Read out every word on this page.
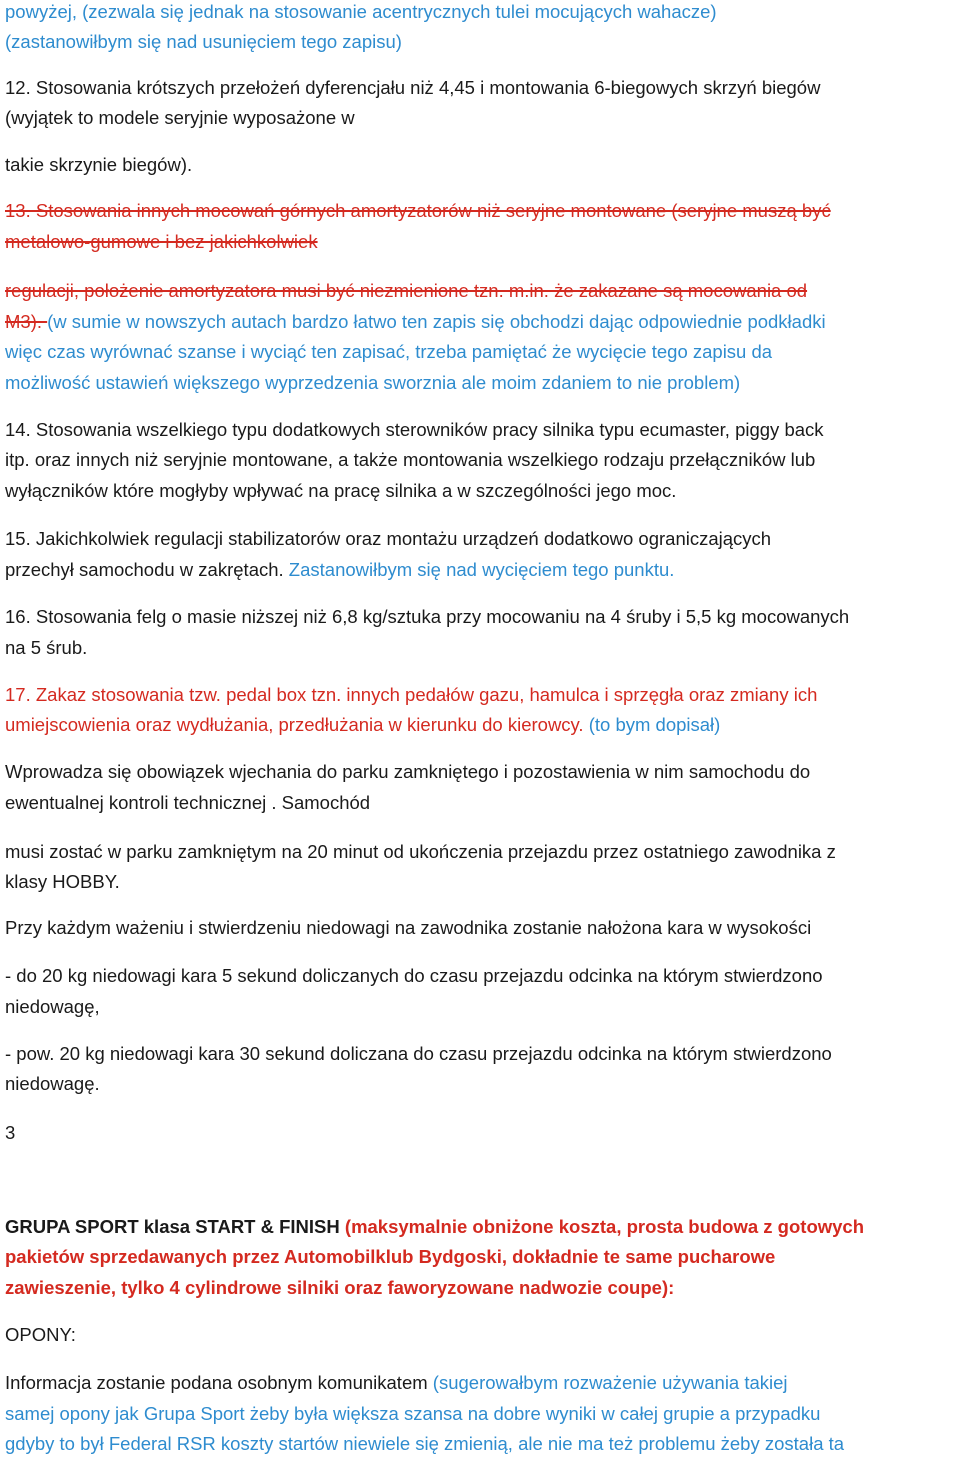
powyżej, (zezwala się jednak na stosowanie acentrycznych tulei mocujących wahacze)
(zastanowiłbym się nad usunięciem tego zapisu)
12. Stosowania krótszych przełożeń dyferencjału niż 4,45 i montowania 6-biegowych skrzyń biegów
(wyjątek to modele seryjnie wyposażone w
takie skrzynie biegów).
13. Stosowania innych mocowań górnych amortyzatorów niż seryjne montowane (seryjne muszą być
metalowo-gumowe i bez jakichkolwiek
regulacji, położenie amortyzatora musi być niezmienione tzn. m.in. że zakazane są mocowania od
M3). (w sumie w nowszych autach bardzo łatwo ten zapis się obchodzi dając odpowiednie podkładki
więc czas wyrównać szanse i wyciąć ten zapisać, trzeba pamiętać że wycięcie tego zapisu da
możliwość ustawień większego wyprzedzenia sworznia ale moim zdaniem to nie problem)
14. Stosowania wszelkiego typu dodatkowych sterowników pracy silnika typu ecumaster, piggy back
itp. oraz innych niż seryjnie montowane, a także montowania wszelkiego rodzaju przełączników lub
wyłączników które mogłyby wpływać na pracę silnika a w szczególności jego moc.
15. Jakichkolwiek regulacji stabilizatorów oraz montażu urządzeń dodatkowo ograniczających
przechył samochodu w zakrętach. Zastanowiłbym się nad wycięciem tego punktu.
16. Stosowania felg o masie niższej niż 6,8 kg/sztuka przy mocowaniu na 4 śruby i 5,5 kg mocowanych
na 5 śrub.
17. Zakaz stosowania tzw. pedal box tzn. innych pedałów gazu, hamulca i sprzęgła oraz zmiany ich
umiejscowienia oraz wydłużania, przedłużania w kierunku do kierowcy. (to bym dopisał)
Wprowadza się obowiązek wjechania do parku zamkniętego i pozostawienia w nim samochodu do
ewentualnej kontroli technicznej . Samochód
musi zostać w parku zamkniętym na 20 minut od ukończenia przejazdu przez ostatniego zawodnika z
klasy HOBBY.
Przy każdym ważeniu i stwierdzeniu niedowagi na zawodnika zostanie nałożona kara w wysokości
- do 20 kg niedowagi kara 5 sekund doliczanych do czasu przejazdu odcinka na którym stwierdzono
niedowagę,
- pow. 20 kg niedowagi kara 30 sekund doliczana do czasu przejazdu odcinka na którym stwierdzono
niedowagę.
3
GRUPA SPORT klasa START & FINISH (maksymalnie obniżone koszta, prosta budowa z gotowych
pakietów sprzedawanych przez Automobilklub Bydgoski, dokładnie te same pucharowe
zawieszenie, tylko 4 cylindrowe silniki oraz faworyzowane nadwozie coupe):
OPONY:
Informacja zostanie podana osobnym komunikatem (sugerowałbym rozważenie używania takiej
samej opony jak Grupa Sport żeby była większa szansa na dobre wyniki w całej grupie a przypadku
gdyby to był Federal RSR koszty startów niewiele się zmienią, ale nie ma też problemu żeby została ta
